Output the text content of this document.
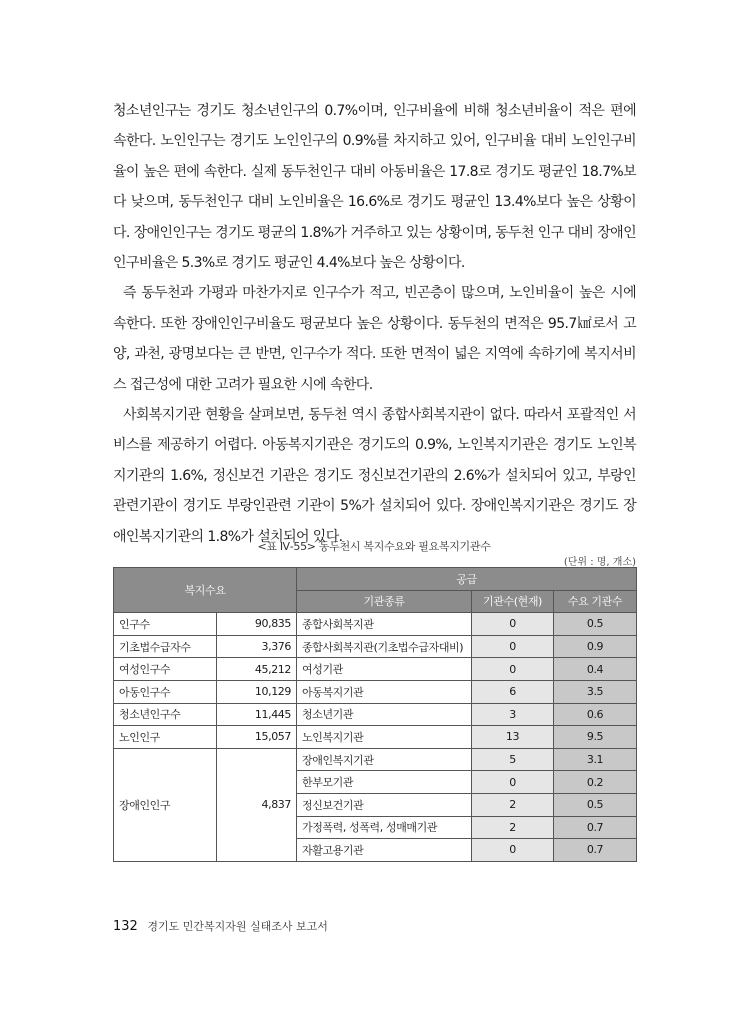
청소년인구는 경기도 청소년인구의 0.7%이며, 인구비율에 비해 청소년비율이 적은 편에 속한다. 노인인구는 경기도 노인인구의 0.9%를 차지하고 있어, 인구비율 대비 노인인구비율이 높은 편에 속한다. 실제 동두천인구 대비 아동비율은 17.8로 경기도 평균인 18.7%보다 낮으며, 동두천인구 대비 노인비율은 16.6%로 경기도 평균인 13.4%보다 높은 상황이다. 장애인인구는 경기도 평균의 1.8%가 거주하고 있는 상황이며, 동두천 인구 대비 장애인인구비율은 5.3%로 경기도 평균인 4.4%보다 높은 상황이다.

즉 동두천과 가평과 마찬가지로 인구수가 적고, 빈곤층이 많으며, 노인비율이 높은 시에 속한다. 또한 장애인인구비율도 평균보다 높은 상황이다. 동두천의 면적은 95.7㎢로서 고양, 과천, 광명보다는 큰 반면, 인구수가 적다. 또한 면적이 넓은 지역에 속하기에 복지서비스 접근성에 대한 고려가 필요한 시에 속한다.

사회복지기관 현황을 살펴보면, 동두천 역시 종합사회복지관이 없다. 따라서 포괄적인 서비스를 제공하기 어렵다. 아동복지기관은 경기도의 0.9%, 노인복지기관은 경기도 노인복지기관의 1.6%, 정신보건 기관은 경기도 정신보건기관의 2.6%가 설치되어 있고, 부랑인 관련기관이 경기도 부랑인관련 기관이 5%가 설치되어 있다. 장애인복지기관은 경기도 장애인복지기관의 1.8%가 설치되어 있다.

<표 Ⅳ-55> 동두천시 복지수요와 필요복지기관수
(단위 : 명, 개소)
복지수요		공급		
		기관종류	기관수(현재)	수요 기관수
인구수	90,835	종합사회복지관	0	0.5
기초법수급자수	3,376	종합사회복지관(기초법수급자대비)	0	0.9
여성인구수	45,212	여성기관	0	0.4
아동인구수	10,129	아동복지기관	6	3.5
청소년인구수	11,445	청소년기관	3	0.6
노인인구	15,057	노인복지기관	13	9.5
장애인인구	4,837	장애인복지기관	5	3.1
		한부모기관	0	0.2
		정신보건기관	2	0.5
		가정폭력, 성폭력, 성매매기관	2	0.7
		자활고용기관	0	0.7
132 경기도 민간복지자원 실태조사 보고서
